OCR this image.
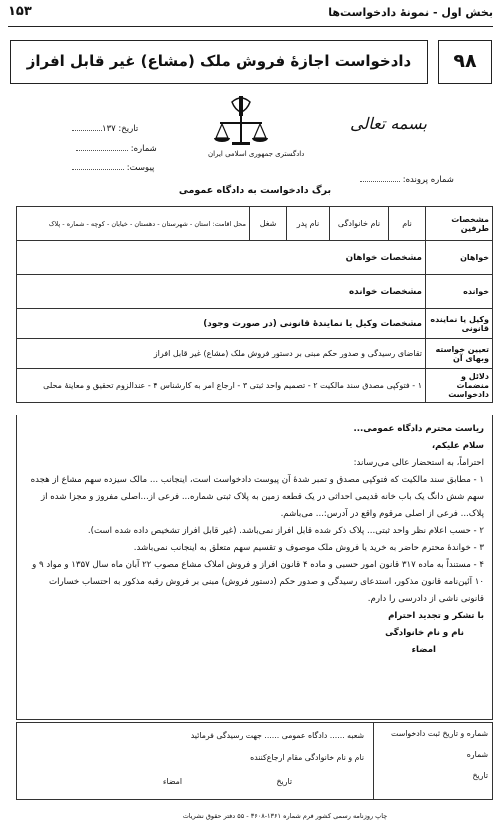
بخش اول - نمونهٔ دادخواست‌ها
۱۵۳
دادخواست اجازهٔ فروش ملک (مشاع) غیر قابل افراز	۹۸
دادگستری جمهوری اسلامی ایران
بسمه تعالی
تاریخ: ۱۳۷
شماره:
پیوست:
شماره پرونده:
برگ دادخواست به دادگاه عمومی
مشخصات طرفین	نام	نام خانوادگی	نام پدر	شغل	محل اقامت: استان - شهرستان - دهستان - خیابان - کوچه - شماره - پلاک
خواهان	مشخصات خواهان				
خوانده	مشخصات خوانده				
وکیل یا نماینده قانونی	مشخصات وکیل یا نمایندهٔ قانونی (در صورت وجود)				
تعیین خواسته وبهای آن	تقاضای رسیدگی و صدور حکم مبنی بر دستور فروش ملک (مشاع) غیر قابل افراز				
دلائل و منضمات دادخواست	۱ - فتوکپی مصدق سند مالکیت ۲ - تصمیم واحد ثبتی ۳ - ارجاع امر به کارشناس ۴ - عندالزوم تحقیق و معاینهٔ محلی				

ریاست محترم دادگاه عمومی...

سلام علیکم،

احتراماً، به استحضار عالی می‌رساند:

۱ - مطابق سند مالکیت که فتوکپی مصدق و تمبر شدهٔ آن پیوست دادخواست است، اینجانب ... مالک سیزده سهم مشاع از هجده سهم شش دانگ یک باب خانه قدیمی احداثی در یک قطعه زمین به پلاک ثبتی شماره... فرعی از...اصلی مفروز و مجزا شده از پلاک... فرعی از اصلی مرقوم واقع در آدرس:... می‌باشم.

۲ - حسب اعلام نظر واحد ثبتی... پلاک ذکر شده قابل افراز نمی‌باشد. (غیر قابل افراز تشخیص داده شده است).

۳ - خواندهٔ محترم حاضر به خرید یا فروش ملک موصوف و تقسیم سهم متعلق به اینجانب نمی‌باشد.

۴ - مستنداً به ماده ۳۱۷ قانون امور حسبی و ماده ۴ قانون افراز و فروش املاک مشاع مصوب ۲۲ آبان ماه سال ۱۳۵۷ و مواد ۹ و ۱۰ آئین‌نامه قانون مذکور، استدعای رسیدگی و صدور حکم (دستور فروش) مبنی بر فروش رقبه مذکور به احتساب خسارات قانونی ناشی از دادرسی را دارم.

با تشکر و تجدید احترام

نام و نام خانوادگی

امضاء

شماره و تاریخ ثبت دادخواست
شماره
تاریخ
شعبه ...... دادگاه عمومی ...... جهت رسیدگی فرمائید
نام و نام خانوادگی مقام ارجاع‌کننده
تاریخ
امضاء
چاپ روزنامه رسمی کشور فرم شماره ۱۳۶۱-۳۶۰۸ - ۵۵ دفتر حقوق نشریات
